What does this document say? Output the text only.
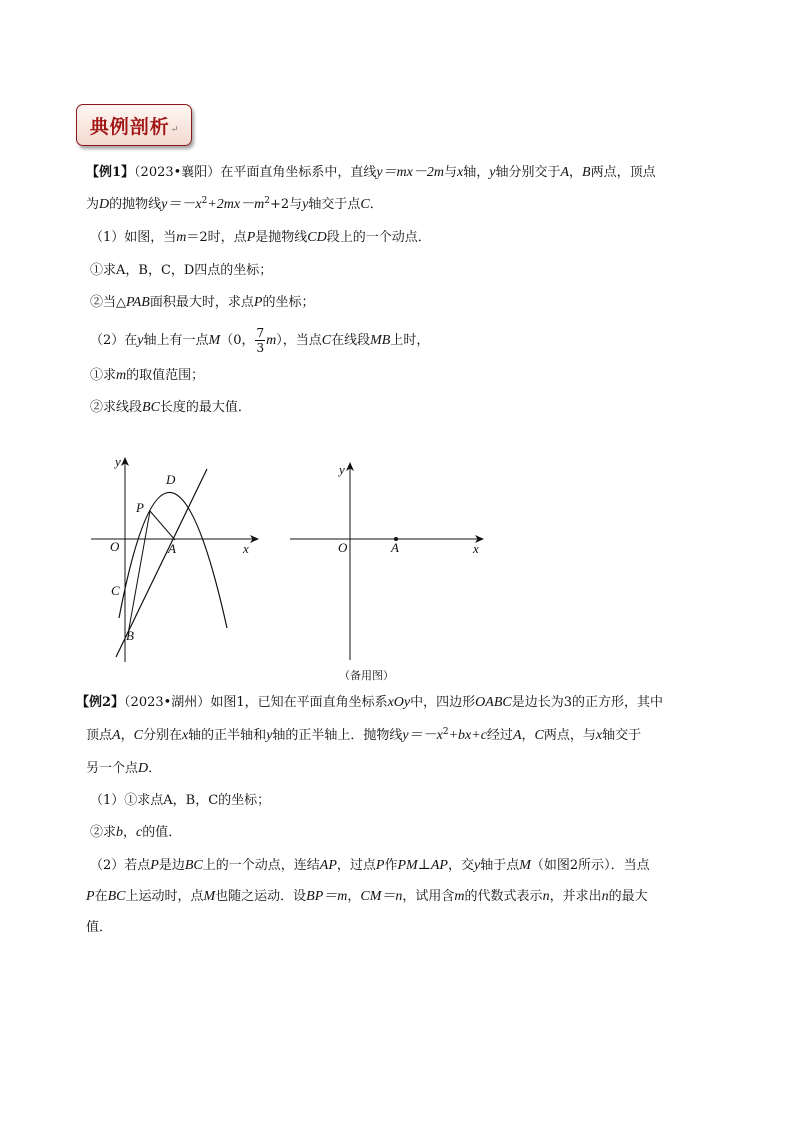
典例剖析 ↵
【例1】（2023•襄阳）在平面直角坐标系中，直线y＝mx－2m与x轴，y轴分别交于A，B两点，顶点
为D的抛物线$y=-x^2+2mx-m^2+2$与y轴交于点C．
（1）如图，当m＝2时，点P是抛物线CD段上的一个动点．
①求A，B，C，D四点的坐标；
②当△PAB面积最大时，求点P的坐标；
（2）在y轴上有一点M（0， $\frac{7}{3} m$），当点C在线段MB上时，
①求m的取值范围；
②求线段BC长度的最大值．
y
D
P
O	A	x
C
B
y
O	A	x
（备用图）
【例2】（2023•湖州）如图1，已知在平面直角坐标系xOy中，四边形OABC是边长为3的正方形，其中
顶点A，C分别在x轴的正半轴和y轴的正半轴上．抛物线$y=-x^2+bx+c$经过A，C两点，与x轴交于
另一个点D．
（1）①求点A，B，C的坐标；
②求b，c的值．
（2）若点P是边BC上的一个动点，连结AP，过点P作PM⊥AP，交y轴于点M（如图2所示）．当点
P在BC上运动时，点M也随之运动．设BP＝m，CM＝n，试用含m的代数式表示n，并求出n的最大
值．
